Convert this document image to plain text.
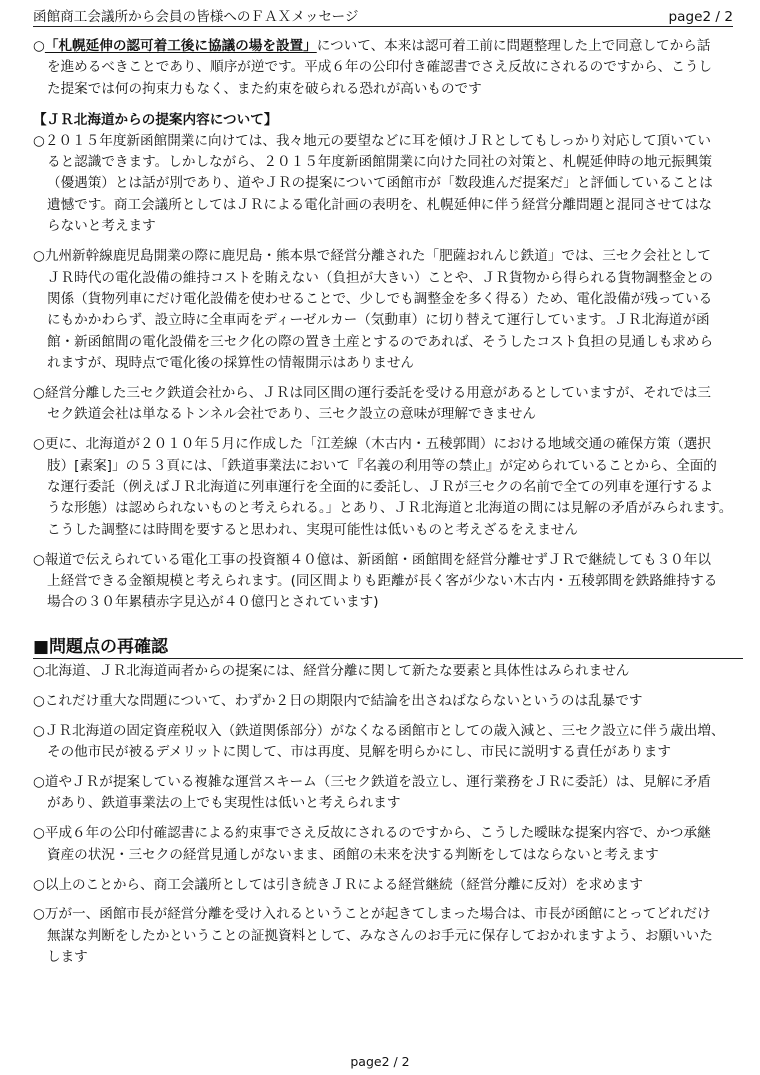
函館商工会議所から会員の皆様へのＦＡＸメッセージ	page2 / 2
○「札幌延伸の認可着工後に協議の場を設置」について、本来は認可着工前に問題整理した上で同意してから話
を進めるべきことであり、順序が逆です。平成６年の公印付き確認書でさえ反故にされるのですから、こうし
た提案では何の拘束力もなく、また約束を破られる恐れが高いものです
【ＪＲ北海道からの提案内容について】
○２０１５年度新函館開業に向けては、我々地元の要望などに耳を傾けＪＲとしてもしっかり対応して頂いてい
ると認識できます。しかしながら、２０１５年度新函館開業に向けた同社の対策と、札幌延伸時の地元振興策
（優遇策）とは話が別であり、道やＪＲの提案について函館市が「数段進んだ提案だ」と評価していることは
遺憾です。商工会議所としてはＪＲによる電化計画の表明を、札幌延伸に伴う経営分離問題と混同させてはな
らないと考えます
○九州新幹線鹿児島開業の際に鹿児島・熊本県で経営分離された「肥薩おれんじ鉄道」では、三セク会社として
ＪＲ時代の電化設備の維持コストを賄えない（負担が大きい）ことや、ＪＲ貨物から得られる貨物調整金との
関係（貨物列車にだけ電化設備を使わせることで、少しでも調整金を多く得る）ため、電化設備が残っている
にもかかわらず、設立時に全車両をディーゼルカー（気動車）に切り替えて運行しています。ＪＲ北海道が函
館・新函館間の電化設備を三セク化の際の置き土産とするのであれば、そうしたコスト負担の見通しも求めら
れますが、現時点で電化後の採算性の情報開示はありません
○経営分離した三セク鉄道会社から、ＪＲは同区間の運行委託を受ける用意があるとしていますが、それでは三
セク鉄道会社は単なるトンネル会社であり、三セク設立の意味が理解できません
○更に、北海道が２０１０年５月に作成した「江差線（木古内・五稜郭間）における地域交通の確保方策（選択
肢）[素案]」の５３頁には、「鉄道事業法において『名義の利用等の禁止』が定められていることから、全面的
な運行委託（例えばＪＲ北海道に列車運行を全面的に委託し、ＪＲが三セクの名前で全ての列車を運行するよ
うな形態）は認められないものと考えられる。」とあり、ＪＲ北海道と北海道の間には見解の矛盾がみられます。
こうした調整には時間を要すると思われ、実現可能性は低いものと考えざるをえません
○報道で伝えられている電化工事の投資額４０億は、新函館・函館間を経営分離せずＪＲで継続しても３０年以
上経営できる金額規模と考えられます。(同区間よりも距離が長く客が少ない木古内・五稜郭間を鉄路維持する
場合の３０年累積赤字見込が４０億円とされています)
■問題点の再確認
○北海道、ＪＲ北海道両者からの提案には、経営分離に関して新たな要素と具体性はみられません
○これだけ重大な問題について、わずか２日の期限内で結論を出さねばならないというのは乱暴です
○ＪＲ北海道の固定資産税収入（鉄道関係部分）がなくなる函館市としての歳入減と、三セク設立に伴う歳出増、
その他市民が被るデメリットに関して、市は再度、見解を明らかにし、市民に説明する責任があります
○道やＪＲが提案している複雑な運営スキーム（三セク鉄道を設立し、運行業務をＪＲに委託）は、見解に矛盾
があり、鉄道事業法の上でも実現性は低いと考えられます
○平成６年の公印付確認書による約束事でさえ反故にされるのですから、こうした曖昧な提案内容で、かつ承継
資産の状況・三セクの経営見通しがないまま、函館の未来を決する判断をしてはならないと考えます
○以上のことから、商工会議所としては引き続きＪＲによる経営継続（経営分離に反対）を求めます
○万が一、函館市長が経営分離を受け入れるということが起きてしまった場合は、市長が函館にとってどれだけ
無謀な判断をしたかということの証拠資料として、みなさんのお手元に保存しておかれますよう、お願いいた
します
page2 / 2
